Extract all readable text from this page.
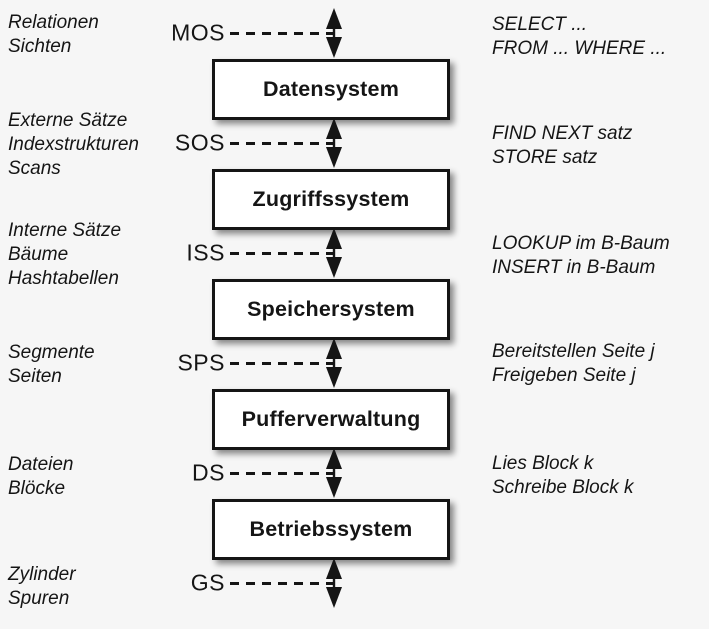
Relationen
Sichten
MOS	SELECT ...
FROM ... WHERE ...
Datensystem
Externe Sätze
Indexstrukturen
Scans
SOS	FIND NEXT satz
STORE satz
Zugriffssystem
Interne Sätze
Bäume
Hashtabellen
ISS	LOOKUP im B-Baum
INSERT in B-Baum
Speichersystem
Segmente
Seiten
SPS	Bereitstellen Seite j
Freigeben Seite j
Pufferverwaltung
Dateien
Blöcke
DS	Lies Block k
Schreibe Block k
Betriebssystem
Zylinder
Spuren
GS
